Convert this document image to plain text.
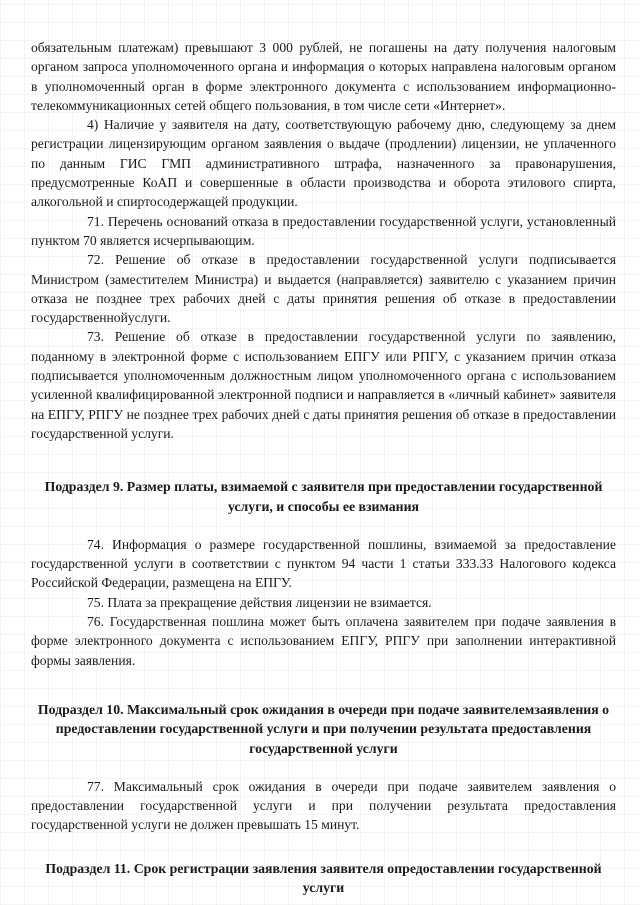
обязательным платежам) превышают 3 000 рублей, не погашены на дату получения налоговым органом запроса уполномоченного органа и информация о которых направлена налоговым органом в уполномоченный орган в форме электронного документа с использованием информационно-телекоммуникационных сетей общего пользования, в том числе сети «Интернет».

4) Наличие у заявителя на дату, соответствующую рабочему дню, следующему за днем регистрации лицензирующим органом заявления о выдаче (продлении) лицензии, не уплаченного по данным ГИС ГМП административного штрафа, назначенного за правонарушения, предусмотренные КоАП и совершенные в области производства и оборота этилового спирта, алкогольной и спиртосодержащей продукции.

71. Перечень оснований отказа в предоставлении государственной услуги, установленный пунктом 70 является исчерпывающим.

72. Решение об отказе в предоставлении государственной услуги подписывается Министром (заместителем Министра) и выдается (направляется) заявителю с указанием причин отказа не позднее трех рабочих дней с даты принятия решения об отказе в предоставлении государственнойуслуги.

73. Решение об отказе в предоставлении государственной услуги по заявлению, поданному в электронной форме с использованием ЕПГУ или РПГУ, с указанием причин отказа подписывается уполномоченным должностным лицом уполномоченного органа с использованием усиленной квалифицированной электронной подписи и направляется в «личный кабинет» заявителя на ЕПГУ, РПГУ не позднее трех рабочих дней с даты принятия решения об отказе в предоставлении государственной услуги.

Подраздел 9. Размер платы, взимаемой с заявителя при предоставлении государственной услуги, и способы ее взимания

74. Информация о размере государственной пошлины, взимаемой за предоставление государственной услуги в соответствии с пунктом 94 части 1 статьи 333.33 Налогового кодекса Российской Федерации, размещена на ЕПГУ.

75. Плата за прекращение действия лицензии не взимается.

76. Государственная пошлина может быть оплачена заявителем при подаче заявления в форме электронного документа с использованием ЕПГУ, РПГУ при заполнении интерактивной формы заявления.

Подраздел 10. Максимальный срок ожидания в очереди при подаче заявителемзаявления о предоставлении государственной услуги и при получении результата предоставления государственной услуги

77. Максимальный срок ожидания в очереди при подаче заявителем заявления о предоставлении государственной услуги и при получении результата предоставления государственной услуги не должен превышать 15 минут.

Подраздел 11. Срок регистрации заявления заявителя опредоставлении государственной услуги
